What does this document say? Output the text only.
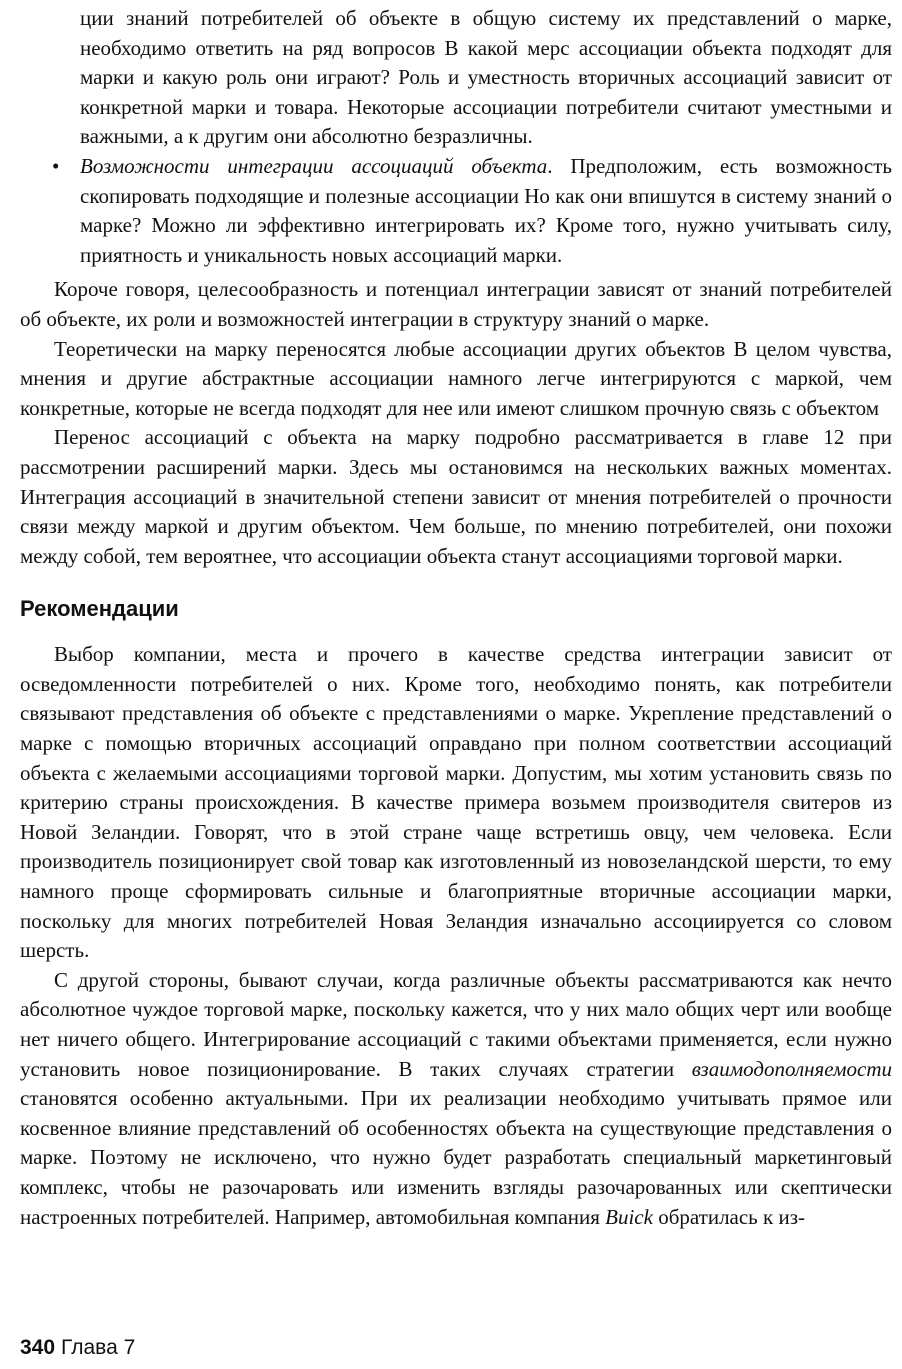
ции знаний потребителей об объекте в общую систему их представлений о марке, необходимо ответить на ряд вопросов В какой мерс ассоциации объекта подходят для марки и какую роль они играют? Роль и уместность вторичных ассоциаций зависит от конкретной марки и товара. Некоторые ассоциации потребители считают уместными и важными, а к другим они абсолютно безразличны.

• Возможности интеграции ассоциаций объекта. Предположим, есть возможность скопировать подходящие и полезные ассоциации Но как они впишутся в систему знаний о марке? Можно ли эффективно интегрировать их? Кроме того, нужно учитывать силу, приятность и уникальность новых ассоциаций марки.

Короче говоря, целесообразность и потенциал интеграции зависят от знаний потребителей об объекте, их роли и возможностей интеграции в структуру знаний о марке.

Теоретически на марку переносятся любые ассоциации других объектов В целом чувства, мнения и другие абстрактные ассоциации намного легче интегрируются с маркой, чем конкретные, которые не всегда подходят для нее или имеют слишком прочную связь с объектом

Перенос ассоциаций с объекта на марку подробно рассматривается в главе 12 при рассмотрении расширений марки. Здесь мы остановимся на нескольких важных моментах. Интеграция ассоциаций в значительной степени зависит от мнения потребителей о прочности связи между маркой и другим объектом. Чем больше, по мнению потребителей, они похожи между собой, тем вероятнее, что ассоциации объекта станут ассоциациями торговой марки.

Рекомендации

Выбор компании, места и прочего в качестве средства интеграции зависит от осведомленности потребителей о них. Кроме того, необходимо понять, как потребители связывают представления об объекте с представлениями о марке. Укрепление представлений о марке с помощью вторичных ассоциаций оправдано при полном соответствии ассоциаций объекта с желаемыми ассоциациями торговой марки. Допустим, мы хотим установить связь по критерию страны происхождения. В качестве примера возьмем производителя свитеров из Новой Зеландии. Говорят, что в этой стране чаще встретишь овцу, чем человека. Если производитель позиционирует свой товар как изготовленный из новозеландской шерсти, то ему намного проще сформировать сильные и благоприятные вторичные ассоциации марки, поскольку для многих потребителей Новая Зеландия изначально ассоциируется со словом шерсть.

С другой стороны, бывают случаи, когда различные объекты рассматриваются как нечто абсолютное чуждое торговой марке, поскольку кажется, что у них мало общих черт или вообще нет ничего общего. Интегрирование ассоциаций с такими объектами применяется, если нужно установить новое позиционирование. В таких случаях стратегии взаимодополняемости становятся особенно актуальными. При их реализации необходимо учитывать прямое или косвенное влияние представлений об особенностях объекта на существующие представления о марке. Поэтому не исключено, что нужно будет разработать специальный маркетинговый комплекс, чтобы не разочаровать или изменить взгляды разочарованных или скептически настроенных потребителей. Например, автомобильная компания Buick обратилась к из-

340 Глава 7
